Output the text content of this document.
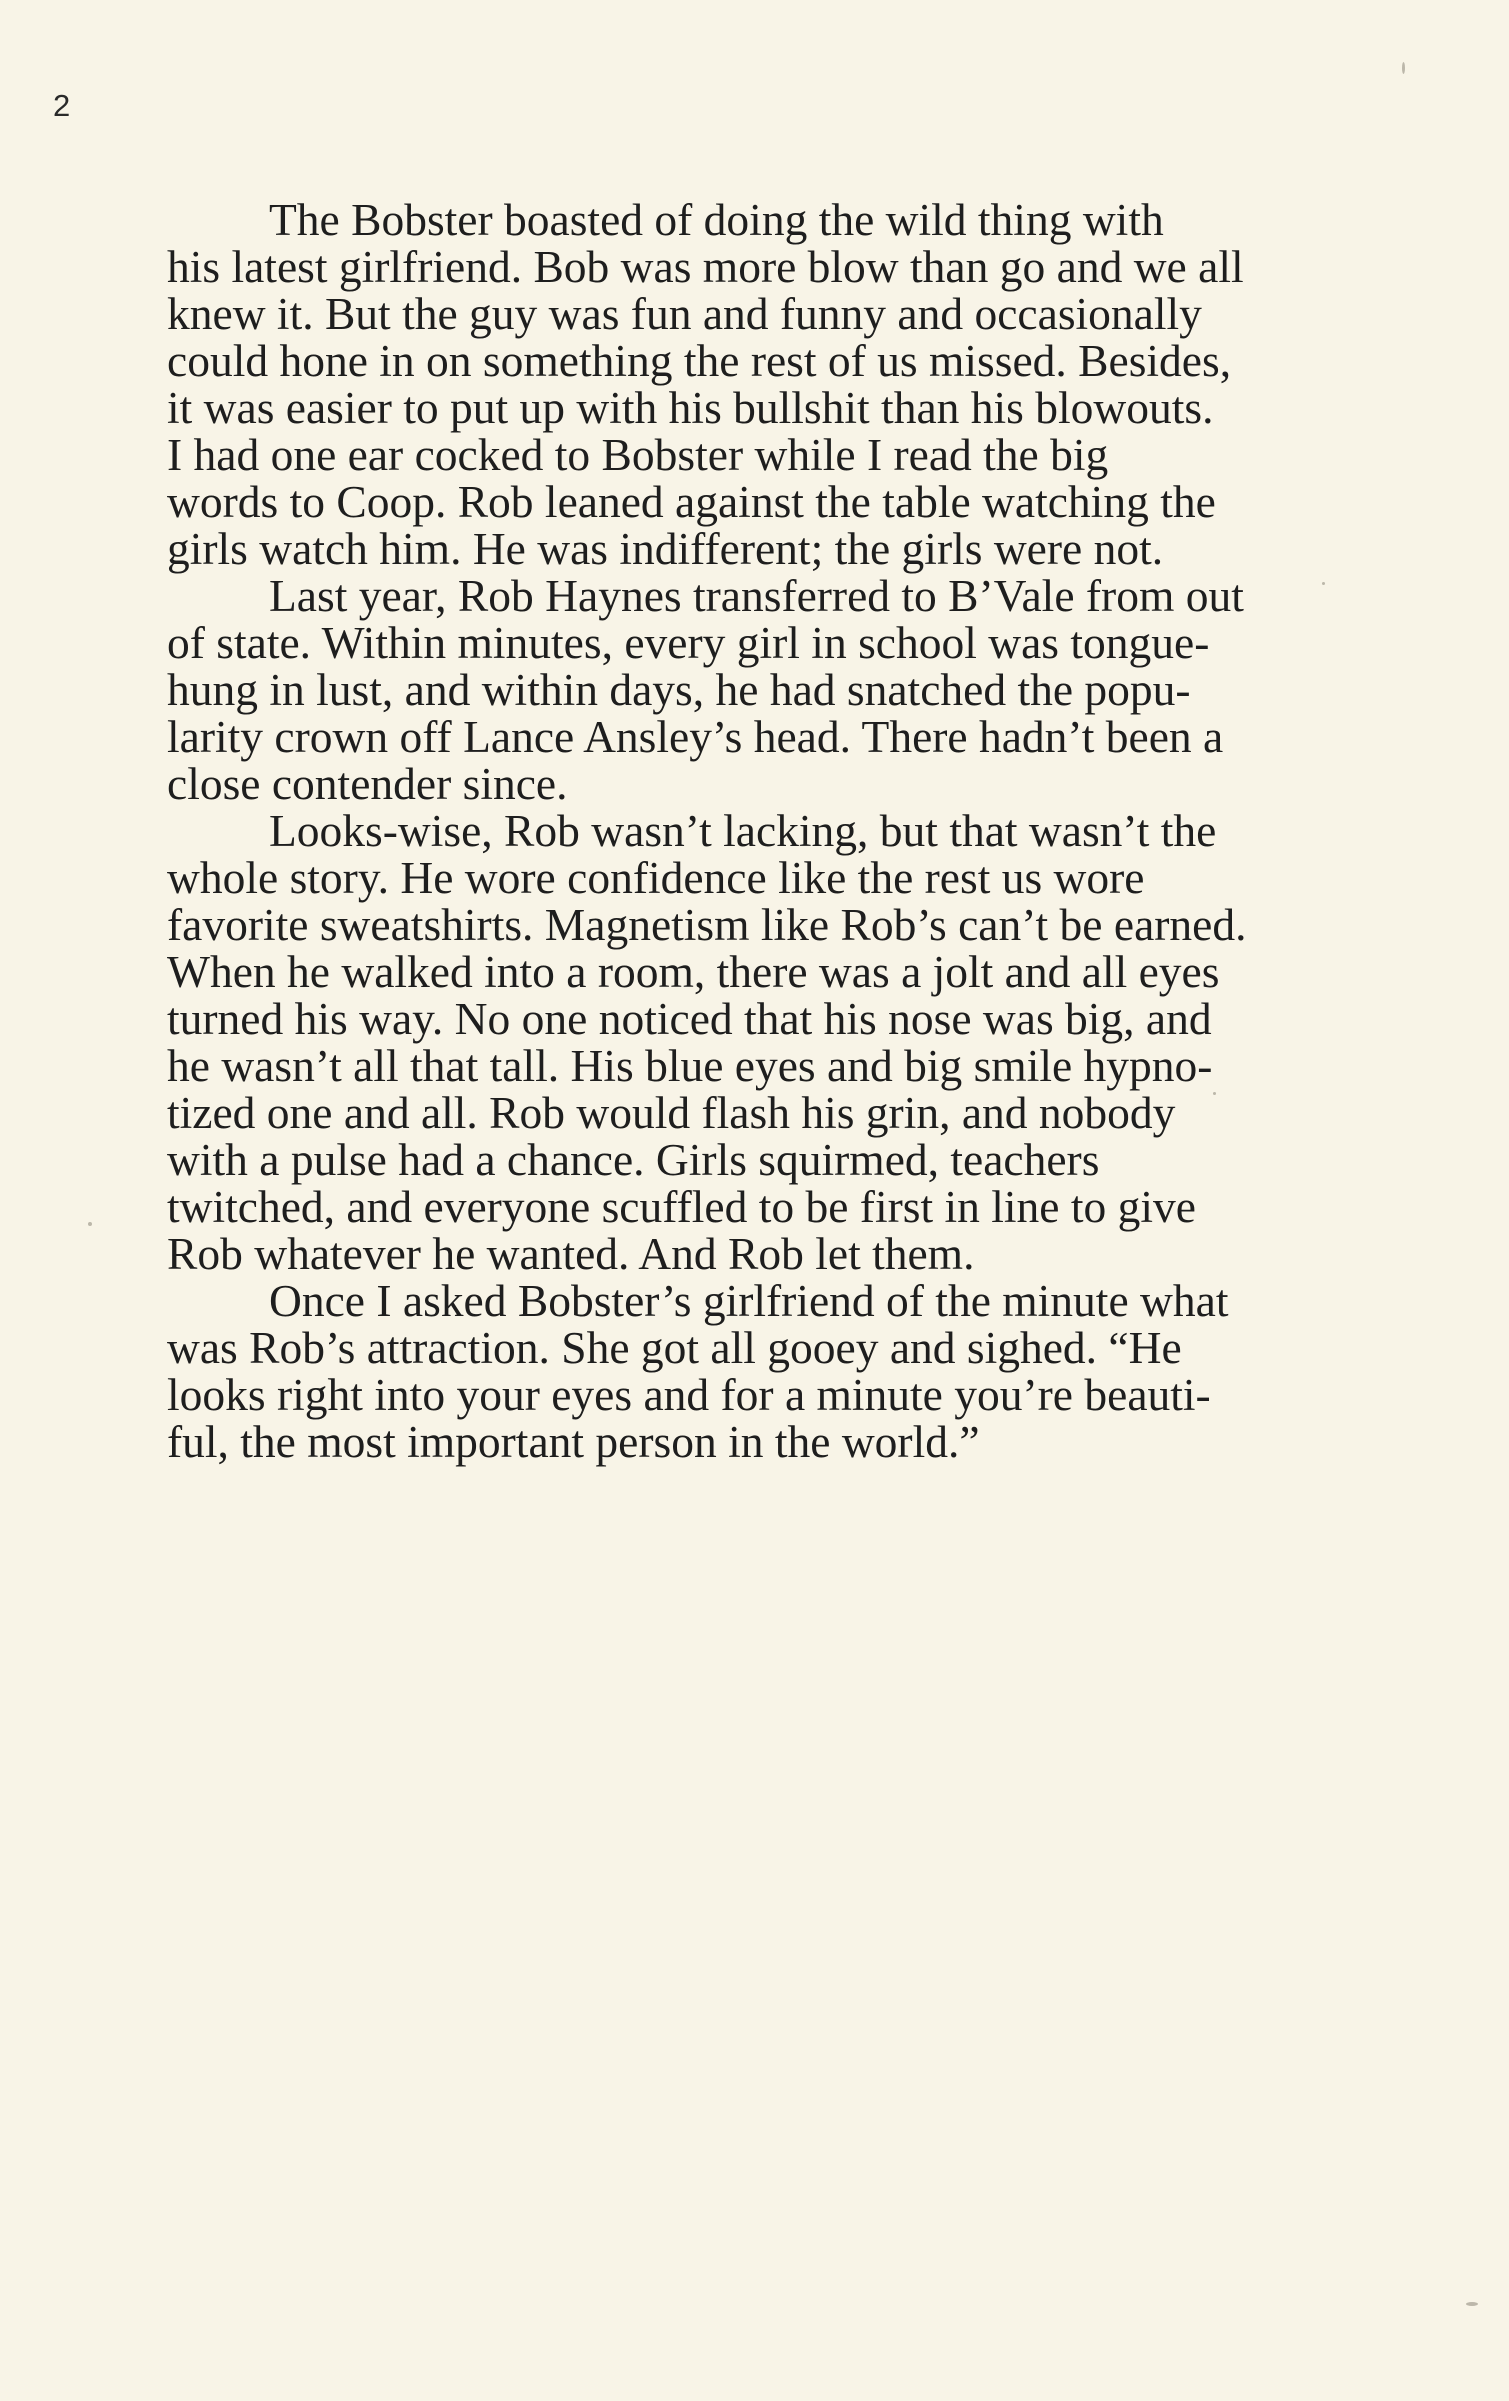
2
The Bobster boasted of doing the wild thing with
his latest girlfriend. Bob was more blow than go and we all
knew it. But the guy was fun and funny and occasionally
could hone in on something the rest of us missed. Besides,
it was easier to put up with his bullshit than his blowouts.
I had one ear cocked to Bobster while I read the big
words to Coop. Rob leaned against the table watching the
girls watch him. He was indifferent; the girls were not.
Last year, Rob Haynes transferred to B’Vale from out
of state. Within minutes, every girl in school was tongue-
hung in lust, and within days, he had snatched the popu-
larity crown off Lance Ansley’s head. There hadn’t been a
close contender since.
Looks-wise, Rob wasn’t lacking, but that wasn’t the
whole story. He wore confidence like the rest us wore
favorite sweatshirts. Magnetism like Rob’s can’t be earned.
When he walked into a room, there was a jolt and all eyes
turned his way. No one noticed that his nose was big, and
he wasn’t all that tall. His blue eyes and big smile hypno-
tized one and all. Rob would flash his grin, and nobody
with a pulse had a chance. Girls squirmed, teachers
twitched, and everyone scuffled to be first in line to give
Rob whatever he wanted. And Rob let them.
Once I asked Bobster’s girlfriend of the minute what
was Rob’s attraction. She got all gooey and sighed. “He
looks right into your eyes and for a minute you’re beauti-
ful, the most important person in the world.”
